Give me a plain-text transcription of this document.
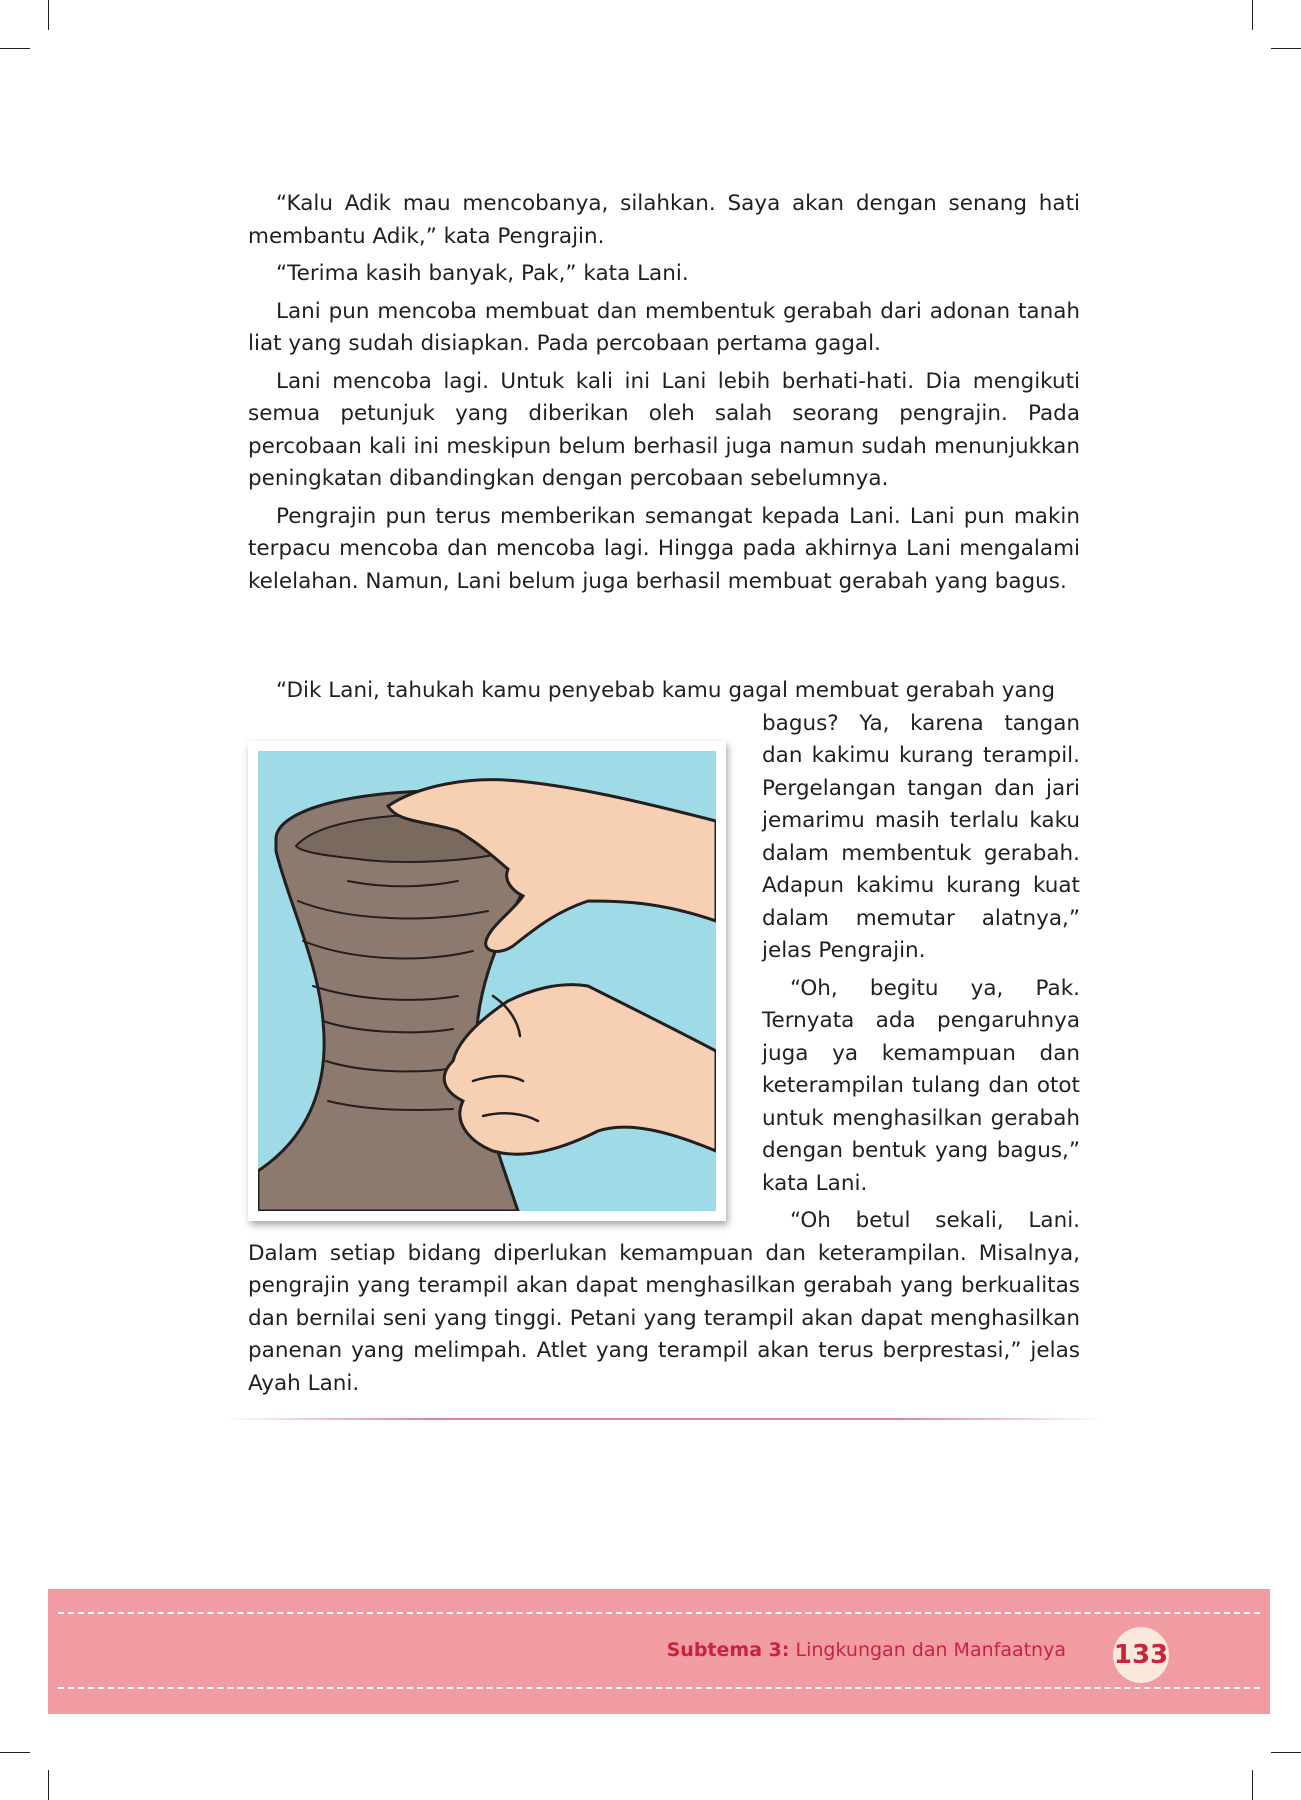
“Kalu Adik mau mencobanya, silahkan. Saya akan dengan senang hati membantu Adik,” kata Pengrajin.

“Terima kasih banyak, Pak,” kata Lani.

Lani pun mencoba membuat dan membentuk gerabah dari adonan tanah liat yang sudah disiapkan. Pada percobaan pertama gagal.

Lani mencoba lagi. Untuk kali ini Lani lebih berhati-hati. Dia mengikuti semua petunjuk yang diberikan oleh salah seorang pengrajin. Pada percobaan kali ini meskipun belum berhasil juga namun sudah menunjukkan peningkatan dibandingkan dengan percobaan sebelumnya.

Pengrajin pun terus memberikan semangat kepada Lani. Lani pun makin terpacu mencoba dan mencoba lagi. Hingga pada akhirnya Lani mengalami kelelahan. Namun, Lani belum juga berhasil membuat gerabah yang bagus.

“Dik Lani, tahukah kamu penyebab kamu gagal membuat gerabah yang

bagus? Ya, karena tangan dan kakimu kurang terampil. Pergelangan tangan dan jari jemarimu masih terlalu kaku dalam membentuk gerabah. Adapun kakimu kurang kuat dalam memutar alatnya,” jelas Pengrajin.

“Oh, begitu ya, Pak. Ternyata ada pengaruhnya juga ya kemampuan dan keterampilan tulang dan otot untuk menghasilkan gerabah dengan bentuk yang bagus,” kata Lani.

“Oh betul sekali, Lani. Dalam setiap bidang diperlukan kemampuan dan keterampilan. Misalnya, pengrajin yang terampil akan dapat menghasilkan gerabah yang berkualitas dan bernilai seni yang tinggi. Petani yang terampil akan dapat menghasilkan panenan yang melimpah. Atlet yang terampil akan terus berprestasi,” jelas Ayah Lani.

Subtema 3: Lingkungan dan Manfaatnya 133
